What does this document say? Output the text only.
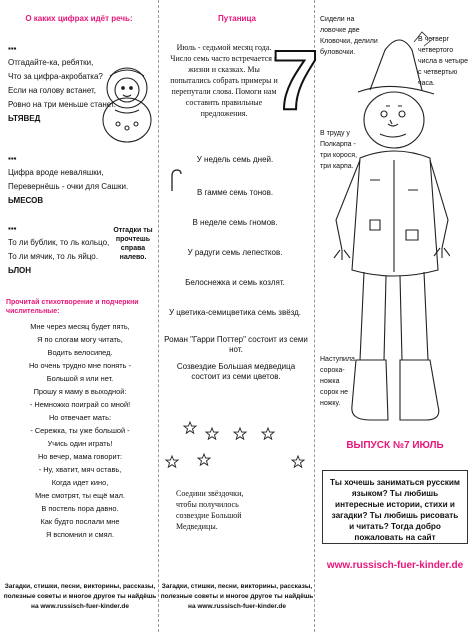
О каких цифрах идёт речь:
▪▪▪
Отгадайте-ка, ребятки,
Что за цифра-акробатка?
Если на голову встанет,
Ровно на три меньше станет.
ЬТЯВЕД
▪▪▪
Цифра вроде неваляшки,
Перевернёшь - очки для Сашки.
ЬМЕСОВ
▪▪▪
То ли бублик, то ль кольцо,
То ли мячик, то ль яйцо.
ЬЛОН
Отгадки ты прочтешь справа налево.
Прочитай стихотворение и подчеркни числительные:
Мне через месяц будет пять,
Я по слогам могу читать,
Водить велосипед.
Но очень трудно мне понять -
Большой я или нет.
Прошу я маму в выходной:
- Немножко поиграй со мной!
Но отвечает мать:
- Сережка, ты уже большой -
Учись один играть!
Но вечер, мама говорит:
- Ну, хватит, мяч оставь,
Когда идет кино,
Мне смотрят, ты ещё мал.
В постель пора давно.
Как будто послали мне
Я вспомнил и смял.
Загадки, стишки, песни, викторины, рассказы,
полезные советы и многое другое ты найдёшь
на www.russisch-fuer-kinder.de
Путаница
Июль - седьмой месяц года. Число семь часто встречается в жизни и сказках. Мы попытались собрать примеры и перепутали слова. Помоги нам составить правильные предложения. 7
У недель семь дней.
В гамме семь тонов.
В неделе семь гномов.
У радуги семь лепестков.
Белоснежка и семь козлят.
У цветика-семицветика семь звёзд.
Роман "Гарри Поттер" состоит из семи нот.
Созвездие Большая медведица состоит из семи цветов.
Соедини звёздочки, чтобы получилось созвездие Большой Медведицы.
Загадки, стишки, песни, викторины, рассказы,
полезные советы и многое другое ты найдёшь
на www.russisch-fuer-kinder.de
Сидели на ловочке две Кловочки, делили буловочки.
В четверг четвертого числа в четыре с четвертью часа.
В труду у Полкарпа - три корося, три карпа.
Наступила сорока-ножка сорок не ножку.
ВЫПУСК №7 ИЮЛЬ
Ты хочешь заниматься русским языком? Ты любишь интересные истории, стихи и загадки? Ты любишь рисовать и читать? Тогда добро пожаловать на сайт
www.russisch-fuer-kinder.de
